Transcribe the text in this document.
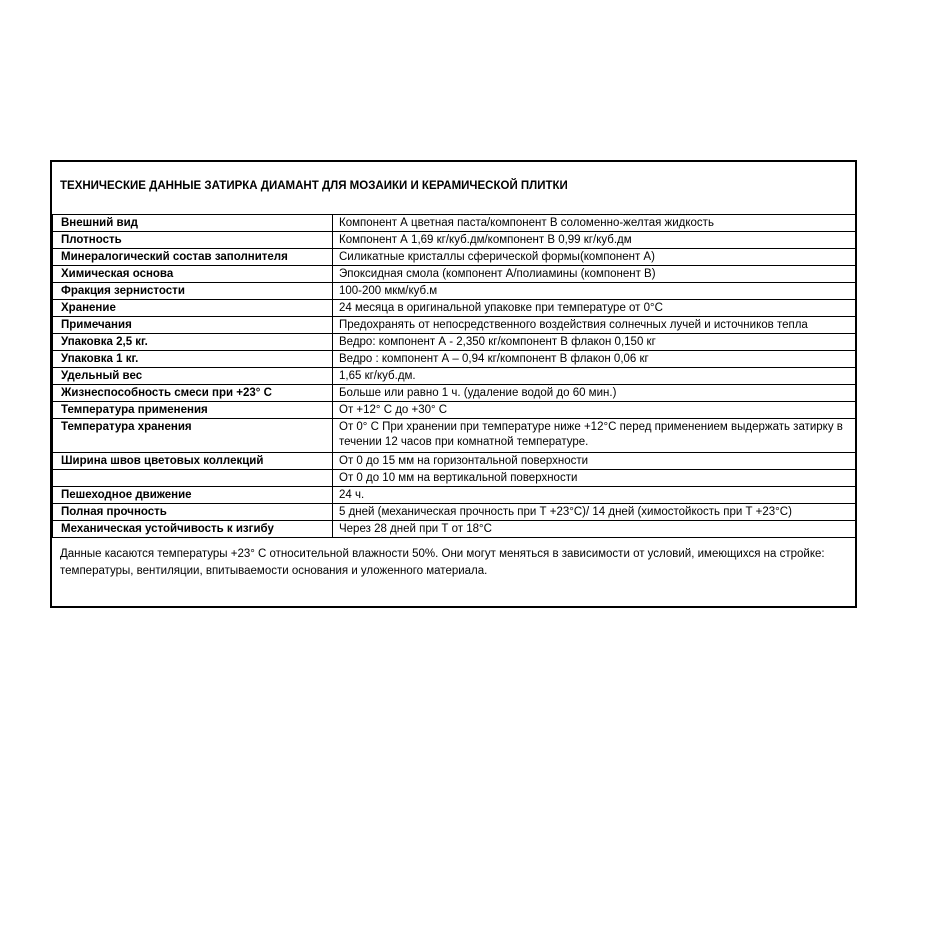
ТЕХНИЧЕСКИЕ ДАННЫЕ ЗАТИРКА ДИАМАНТ ДЛЯ МОЗАИКИ И КЕРАМИЧЕСКОЙ ПЛИТКИ
Внешний вид	Компонент А цветная паста/компонент В соломенно-желтая жидкость
Плотность	Компонент А 1,69 кг/куб.дм/компонент В 0,99 кг/куб.дм
Минералогический состав заполнителя	Силикатные кристаллы сферической формы(компонент А)
Химическая основа	Эпоксидная смола (компонент А/полиамины (компонент В)
Фракция зернистости	100-200 мкм/куб.м
Хранение	24 месяца в оригинальной упаковке при температуре от 0°С
Примечания	Предохранять от непосредственного воздействия солнечных лучей и источников тепла
Упаковка 2,5 кг.	Ведро: компонент А - 2,350 кг/компонент В флакон 0,150 кг
Упаковка 1 кг.	Ведро : компонент А – 0,94 кг/компонент В флакон 0,06 кг
Удельный вес	1,65 кг/куб.дм.
Жизнеспособность смеси при +23° С	Больше или равно 1 ч. (удаление водой до 60 мин.)
Температура применения	От +12° С до +30° С
Температура хранения	От 0° С При хранении при температуре ниже +12°С перед применением выдержать затирку в течении 12 часов при комнатной температуре.
Ширина швов цветовых коллекций	От 0 до 15 мм на горизонтальной поверхности
	От 0 до 10 мм на вертикальной поверхности
Пешеходное движение	24 ч.
Полная прочность	5 дней (механическая прочность при Т +23°С)/ 14 дней (химостойкость при Т +23°С)
Механическая устойчивость к изгибу	Через 28 дней при Т от 18°С
Данные касаются температуры +23° С относительной влажности 50%. Они могут меняться в зависимости от условий, имеющихся на стройке: температуры, вентиляции, впитываемости основания и уложенного материала.
